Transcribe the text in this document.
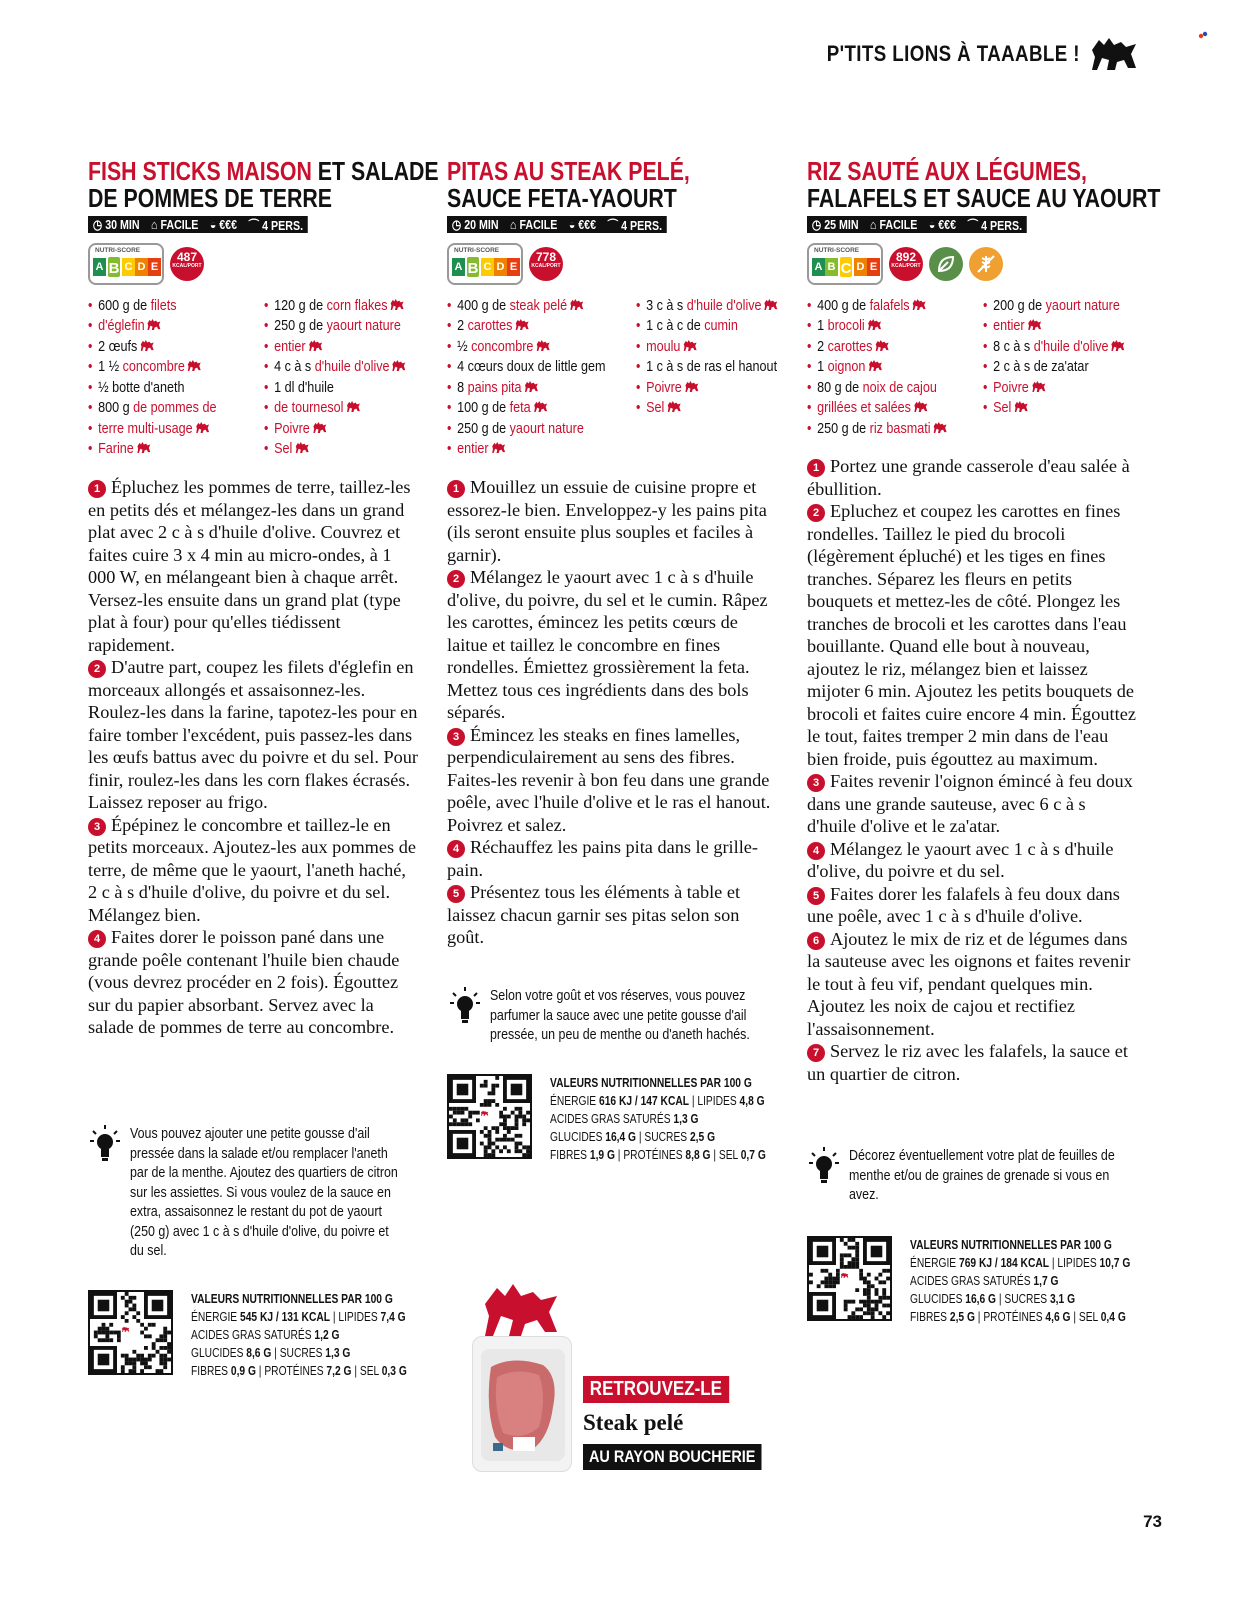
P'TITS LIONS À TAAABLE !
FISH STICKS MAISON ET SALADE
DE POMMES DE TERRE
◷ 30 MIN ⌂ FACILE ◒ €€€ ⌒ 4 PERS.
NUTRI-SCORE
A B C D E
487
KCAL/PORT
• 600 g de filets
• d'églefin
• 2 œufs
• 1 ½ concombre
• ½ botte d'aneth
• 800 g de pommes de
• terre multi-usage
• Farine
• 120 g de corn flakes
• 250 g de yaourt nature
• entier
• 4 c à s d'huile d'olive
• 1 dl d'huile
• de tournesol
• Poivre
• Sel

1 Épluchez les pommes de terre, taillez-les en petits dés et mélangez-les dans un grand plat avec 2 c à s d'huile d'olive. Couvrez et faites cuire 3 x 4 min au micro-ondes, à 1 000 W, en mélangeant bien à chaque arrêt. Versez-les ensuite dans un grand plat (type plat à four) pour qu'elles tiédissent rapidement.

2 D'autre part, coupez les filets d'églefin en morceaux allongés et assaisonnez-les. Roulez-les dans la farine, tapotez-les pour en faire tomber l'excédent, puis passez-les dans les œufs battus avec du poivre et du sel. Pour finir, roulez-les dans les corn flakes écrasés. Laissez reposer au frigo.

3 Épépinez le concombre et taillez-le en petits morceaux. Ajoutez-les aux pommes de terre, de même que le yaourt, l'aneth haché, 2 c à s d'huile d'olive, du poivre et du sel. Mélangez bien.

4 Faites dorer le poisson pané dans une grande poêle contenant l'huile bien chaude (vous devrez procéder en 2 fois). Égouttez sur du papier absorbant. Servez avec la salade de pommes de terre au concombre.

Vous pouvez ajouter une petite gousse d'ail pressée dans la salade et/ou remplacer l'aneth par de la menthe. Ajoutez des quartiers de citron sur les assiettes. Si vous voulez de la sauce en extra, assaisonnez le restant du pot de yaourt (250 g) avec 1 c à s d'huile d'olive, du poivre et du sel.
VALEURS NUTRITIONNELLES PAR 100 G
ÉNERGIE 545 KJ / 131 KCAL | LIPIDES 7,4 G
ACIDES GRAS SATURÉS 1,2 G
GLUCIDES 8,6 G | SUCRES 1,3 G
FIBRES 0,9 G | PROTÉINES 7,2 G | SEL 0,3 G
PITAS AU STEAK PELÉ,
SAUCE FETA-YAOURT
◷ 20 MIN ⌂ FACILE ◒ €€€ ⌒ 4 PERS.
NUTRI-SCORE
A B C D E
778
KCAL/PORT
• 400 g de steak pelé
• 2 carottes
• ½ concombre
• 4 cœurs doux de little gem
• 8 pains pita
• 100 g de feta
• 250 g de yaourt nature
• entier
• 3 c à s d'huile d'olive
• 1 c à c de cumin
• moulu
• 1 c à s de ras el hanout
• Poivre
• Sel

1 Mouillez un essuie de cuisine propre et essorez-le bien. Enveloppez-y les pains pita (ils seront ensuite plus souples et faciles à garnir).

2 Mélangez le yaourt avec 1 c à s d'huile d'olive, du poivre, du sel et le cumin. Râpez les carottes, émincez les petits cœurs de laitue et taillez le concombre en fines rondelles. Émiettez grossièrement la feta. Mettez tous ces ingrédients dans des bols séparés.

3 Émincez les steaks en fines lamelles, perpendiculairement au sens des fibres. Faites-les revenir à bon feu dans une grande poêle, avec l'huile d'olive et le ras el hanout. Poivrez et salez.

4 Réchauffez les pains pita dans le grille-pain.

5 Présentez tous les éléments à table et laissez chacun garnir ses pitas selon son goût.

Selon votre goût et vos réserves, vous pouvez parfumer la sauce avec une petite gousse d'ail pressée, un peu de menthe ou d'aneth hachés.
VALEURS NUTRITIONNELLES PAR 100 G
ÉNERGIE 616 KJ / 147 KCAL | LIPIDES 4,8 G
ACIDES GRAS SATURÉS 1,3 G
GLUCIDES 16,4 G | SUCRES 2,5 G
FIBRES 1,9 G | PROTÉINES 8,8 G | SEL 0,7 G
RETROUVEZ-LE
Steak pelé
AU RAYON BOUCHERIE
RIZ SAUTÉ AUX LÉGUMES,
FALAFELS ET SAUCE AU YAOURT
◷ 25 MIN ⌂ FACILE ◒ €€€ ⌒ 4 PERS.
NUTRI-SCORE
A B C D E
892
KCAL/PORT
• 400 g de falafels
• 1 brocoli
• 2 carottes
• 1 oignon
• 80 g de noix de cajou
• grillées et salées
• 250 g de riz basmati
• 200 g de yaourt nature
• entier
• 8 c à s d'huile d'olive
• 2 c à s de za'atar
• Poivre
• Sel

1 Portez une grande casserole d'eau salée à ébullition.

2 Epluchez et coupez les carottes en fines rondelles. Taillez le pied du brocoli (légèrement épluché) et les tiges en fines tranches. Séparez les fleurs en petits bouquets et mettez-les de côté. Plongez les tranches de brocoli et les carottes dans l'eau bouillante. Quand elle bout à nouveau, ajoutez le riz, mélangez bien et laissez mijoter 6 min. Ajoutez les petits bouquets de brocoli et faites cuire encore 4 min. Égouttez le tout, faites tremper 2 min dans de l'eau bien froide, puis égouttez au maximum.

3 Faites revenir l'oignon émincé à feu doux dans une grande sauteuse, avec 6 c à s d'huile d'olive et le za'atar.

4 Mélangez le yaourt avec 1 c à s d'huile d'olive, du poivre et du sel.

5 Faites dorer les falafels à feu doux dans une poêle, avec 1 c à s d'huile d'olive.

6 Ajoutez le mix de riz et de légumes dans la sauteuse avec les oignons et faites revenir le tout à feu vif, pendant quelques min. Ajoutez les noix de cajou et rectifiez l'assaisonnement.

7 Servez le riz avec les falafels, la sauce et un quartier de citron.

Décorez éventuellement votre plat de feuilles de menthe et/ou de graines de grenade si vous en avez.
VALEURS NUTRITIONNELLES PAR 100 G
ÉNERGIE 769 KJ / 184 KCAL | LIPIDES 10,7 G
ACIDES GRAS SATURÉS 1,7 G
GLUCIDES 16,6 G | SUCRES 3,1 G
FIBRES 2,5 G | PROTÉINES 4,6 G | SEL 0,4 G
73
